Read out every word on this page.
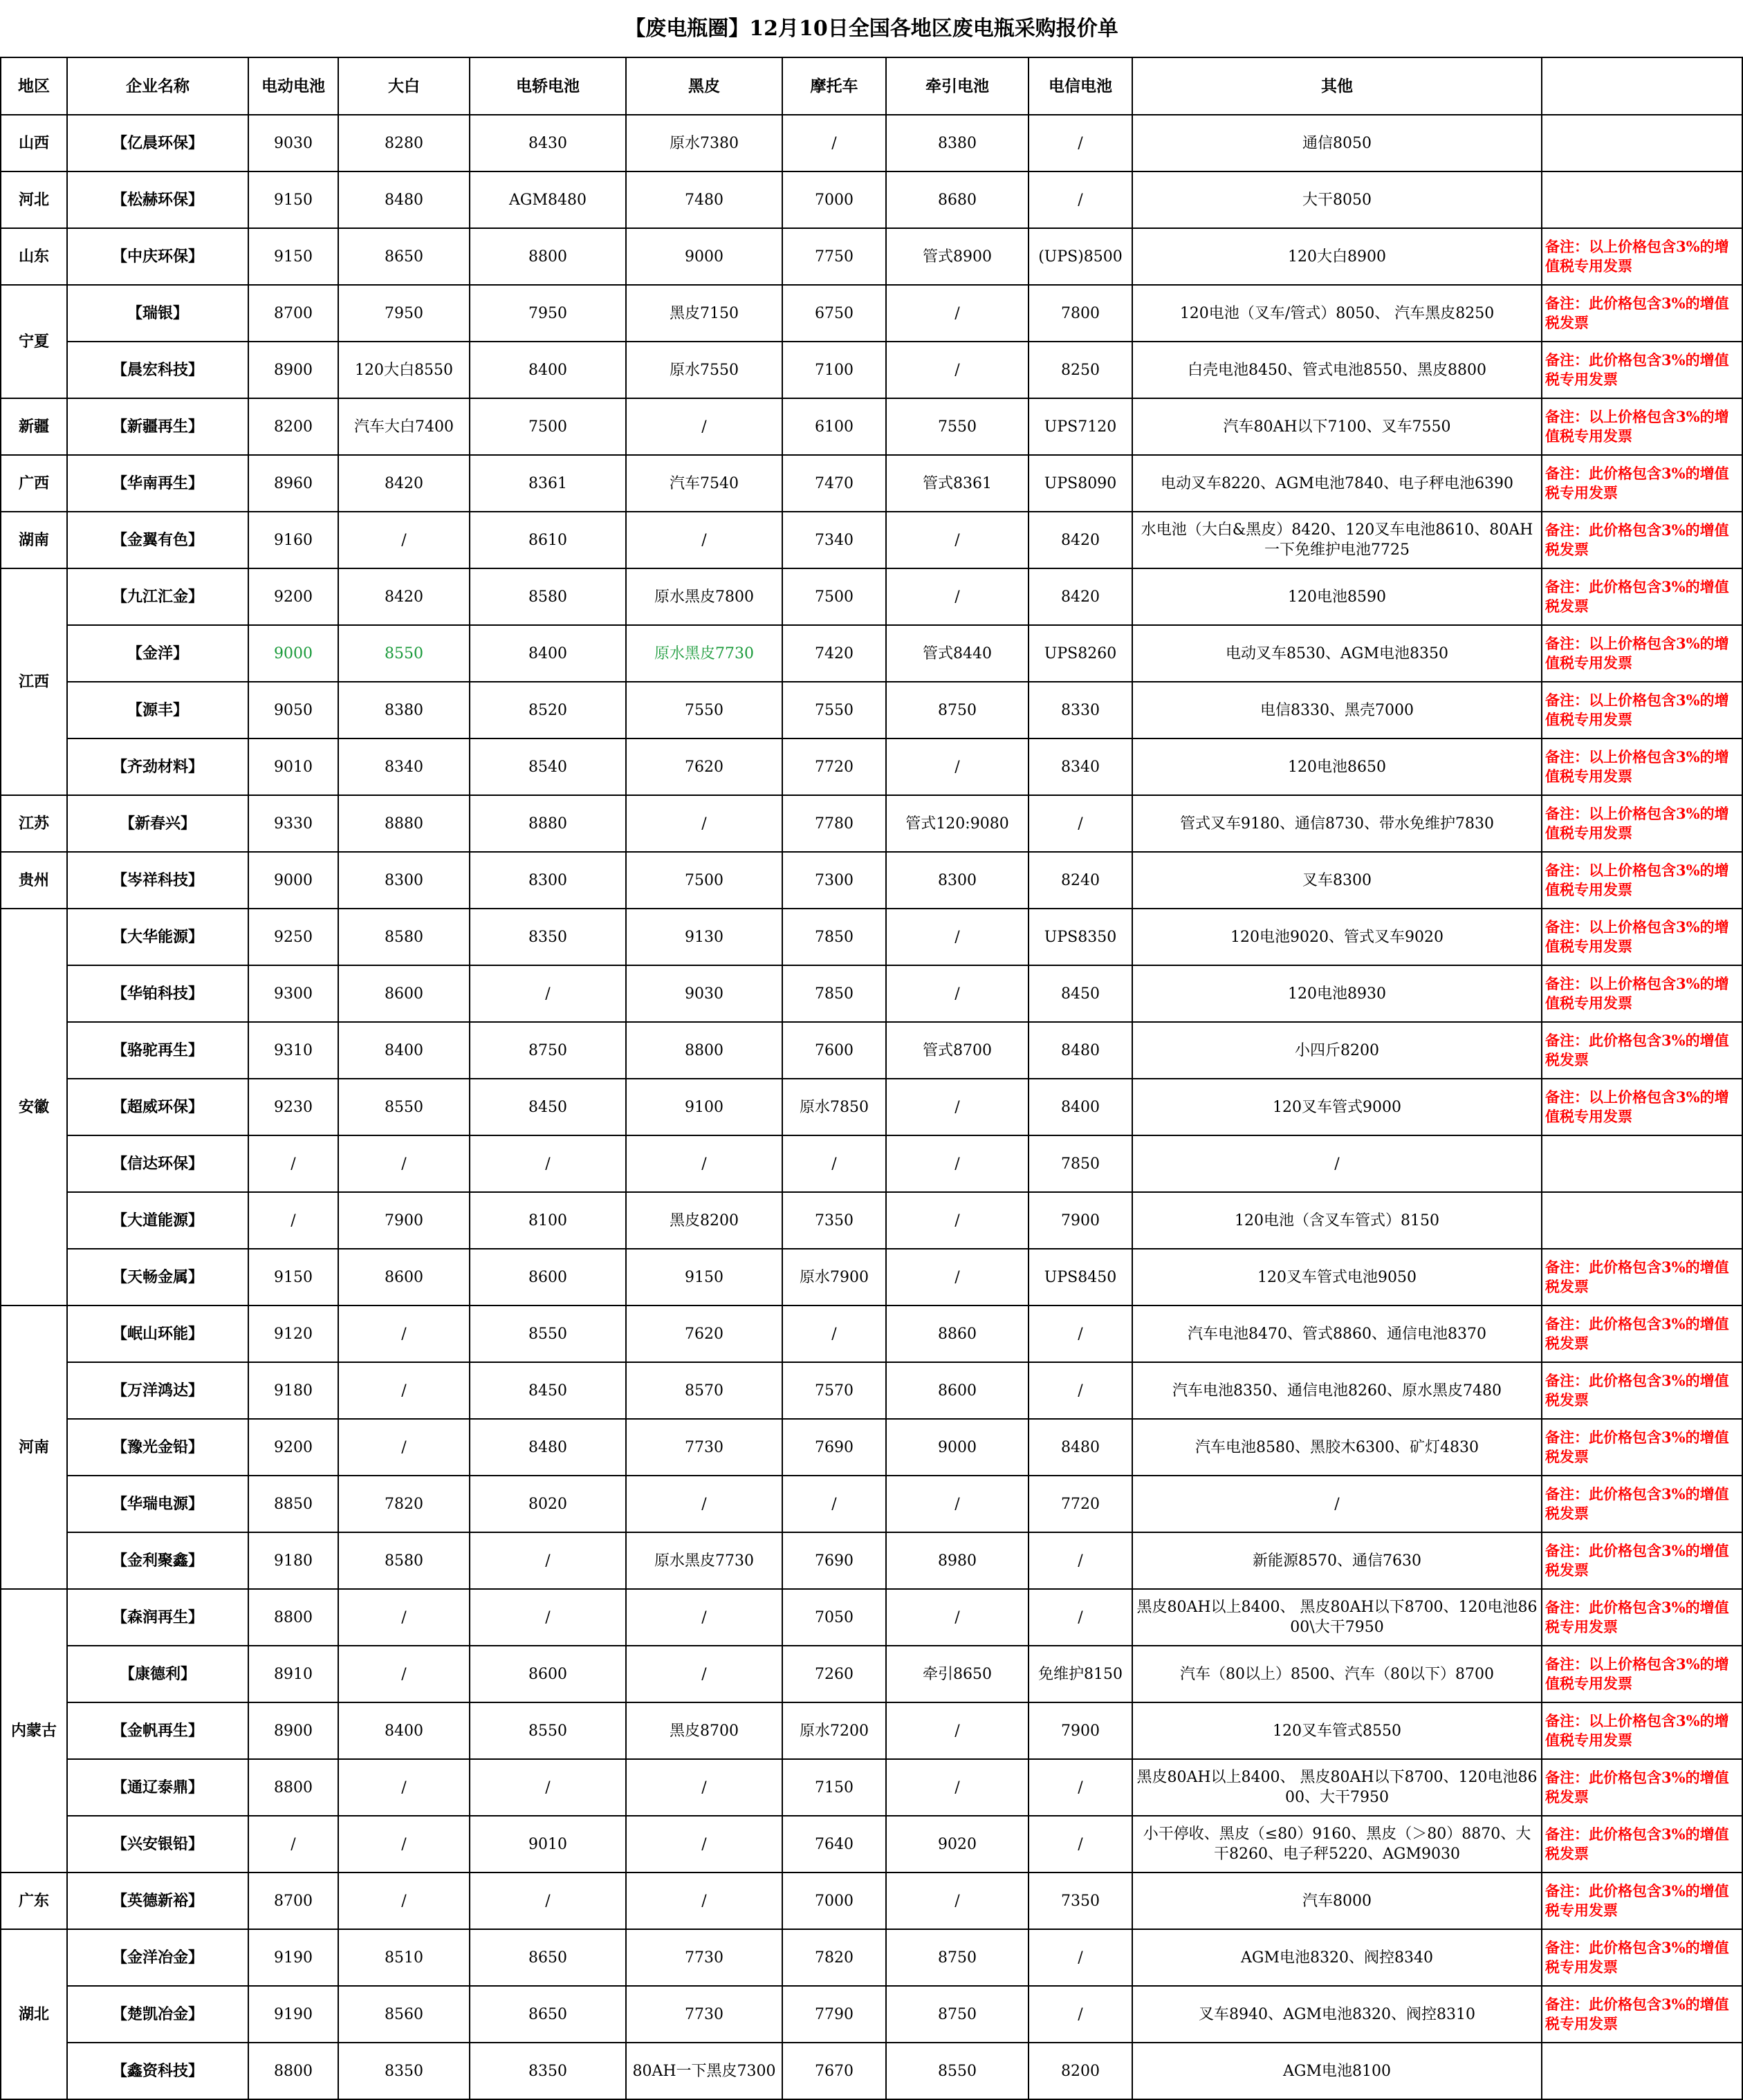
【废电瓶圈】12月10日全国各地区废电瓶采购报价单										
地区	企业名称	电动电池	大白	电轿电池	黑皮	摩托车	牵引电池	电信电池	其他	
山西	【亿晨环保】	9030	8280	8430	原水7380	/	8380	/	通信8050	
河北	【松赫环保】	9150	8480	AGM8480	7480	7000	8680	/	大干8050	
山东	【中庆环保】	9150	8650	8800	9000	7750	管式8900	(UPS)8500	120大白8900	备注：以上价格包含3%的增值税专用发票
宁夏	【瑞银】	8700	7950	7950	黑皮7150	6750	/	7800	120电池（叉车/管式）8050、 汽车黑皮8250	备注：此价格包含3%的增值税发票
	【晨宏科技】	8900	120大白8550	8400	原水7550	7100	/	8250	白壳电池8450、管式电池8550、黑皮8800	备注：此价格包含3%的增值税专用发票
新疆	【新疆再生】	8200	汽车大白7400	7500	/	6100	7550	UPS7120	汽车80AH以下7100、叉车7550	备注：以上价格包含3%的增值税专用发票
广西	【华南再生】	8960	8420	8361	汽车7540	7470	管式8361	UPS8090	电动叉车8220、AGM电池7840、电子秤电池6390	备注：此价格包含3%的增值税专用发票
湖南	【金翼有色】	9160	/	8610	/	7340	/	8420	水电池（大白&黑皮）8420、120叉车电池8610、80AH一下免维护电池7725	备注：此价格包含3%的增值税发票
江西	【九江汇金】	9200	8420	8580	原水黑皮7800	7500	/	8420	120电池8590	备注：此价格包含3%的增值税发票
	【金洋】	9000	8550	8400	原水黑皮7730	7420	管式8440	UPS8260	电动叉车8530、AGM电池8350	备注：以上价格包含3%的增值税专用发票
	【源丰】	9050	8380	8520	7550	7550	8750	8330	电信8330、黑壳7000	备注：以上价格包含3%的增值税专用发票
	【齐劲材料】	9010	8340	8540	7620	7720	/	8340	120电池8650	备注：以上价格包含3%的增值税专用发票
江苏	【新春兴】	9330	8880	8880	/	7780	管式120:9080	/	管式叉车9180、通信8730、带水免维护7830	备注：以上价格包含3%的增值税专用发票
贵州	【岑祥科技】	9000	8300	8300	7500	7300	8300	8240	叉车8300	备注：以上价格包含3%的增值税专用发票
安徽	【大华能源】	9250	8580	8350	9130	7850	/	UPS8350	120电池9020、管式叉车9020	备注：以上价格包含3%的增值税专用发票
	【华铂科技】	9300	8600	/	9030	7850	/	8450	120电池8930	备注：以上价格包含3%的增值税专用发票
	【骆驼再生】	9310	8400	8750	8800	7600	管式8700	8480	小四斤8200	备注：此价格包含3%的增值税发票
	【超威环保】	9230	8550	8450	9100	原水7850	/	8400	120叉车管式9000	备注：以上价格包含3%的增值税专用发票
	【信达环保】	/	/	/	/	/	/	7850	/	
	【大道能源】	/	7900	8100	黑皮8200	7350	/	7900	120电池（含叉车管式）8150	
	【天畅金属】	9150	8600	8600	9150	原水7900	/	UPS8450	120叉车管式电池9050	备注：此价格包含3%的增值税发票
河南	【岷山环能】	9120	/	8550	7620	/	8860	/	汽车电池8470、管式8860、通信电池8370	备注：此价格包含3%的增值税发票
	【万洋鸿达】	9180	/	8450	8570	7570	8600	/	汽车电池8350、通信电池8260、原水黑皮7480	备注：此价格包含3%的增值税发票
	【豫光金铅】	9200	/	8480	7730	7690	9000	8480	汽车电池8580、黑胶木6300、矿灯4830	备注：此价格包含3%的增值税发票
	【华瑞电源】	8850	7820	8020	/	/	/	7720	/	备注：此价格包含3%的增值税发票
	【金利聚鑫】	9180	8580	/	原水黑皮7730	7690	8980	/	新能源8570、通信7630	备注：此价格包含3%的增值税发票
内蒙古	【森润再生】	8800	/	/	/	7050	/	/	黑皮80AH以上8400、 黑皮80AH以下8700、120电池8600\大干7950	备注：此价格包含3%的增值税专用发票
	【康德利】	8910	/	8600	/	7260	牵引8650	免维护8150	汽车（80以上）8500、汽车（80以下）8700	备注：以上价格包含3%的增值税专用发票
	【金帆再生】	8900	8400	8550	黑皮8700	原水7200	/	7900	120叉车管式8550	备注：以上价格包含3%的增值税专用发票
	【通辽泰鼎】	8800	/	/	/	7150	/	/	黑皮80AH以上8400、 黑皮80AH以下8700、120电池8600、大干7950	备注：此价格包含3%的增值税发票
	【兴安银铅】	/	/	9010	/	7640	9020	/	小干停收、黑皮（≤80）9160、黑皮（＞80）8870、大干8260、电子秤5220、AGM9030	备注：此价格包含3%的增值税发票
广东	【英德新裕】	8700	/	/	/	7000	/	7350	汽车8000	备注：此价格包含3%的增值税专用发票
湖北	【金洋冶金】	9190	8510	8650	7730	7820	8750	/	AGM电池8320、阀控8340	备注：此价格包含3%的增值税专用发票
	【楚凯冶金】	9190	8560	8650	7730	7790	8750	/	叉车8940、AGM电池8320、阀控8310	备注：此价格包含3%的增值税专用发票
	【鑫资科技】	8800	8350	8350	80AH一下黑皮7300	7670	8550	8200	AGM电池8100	
